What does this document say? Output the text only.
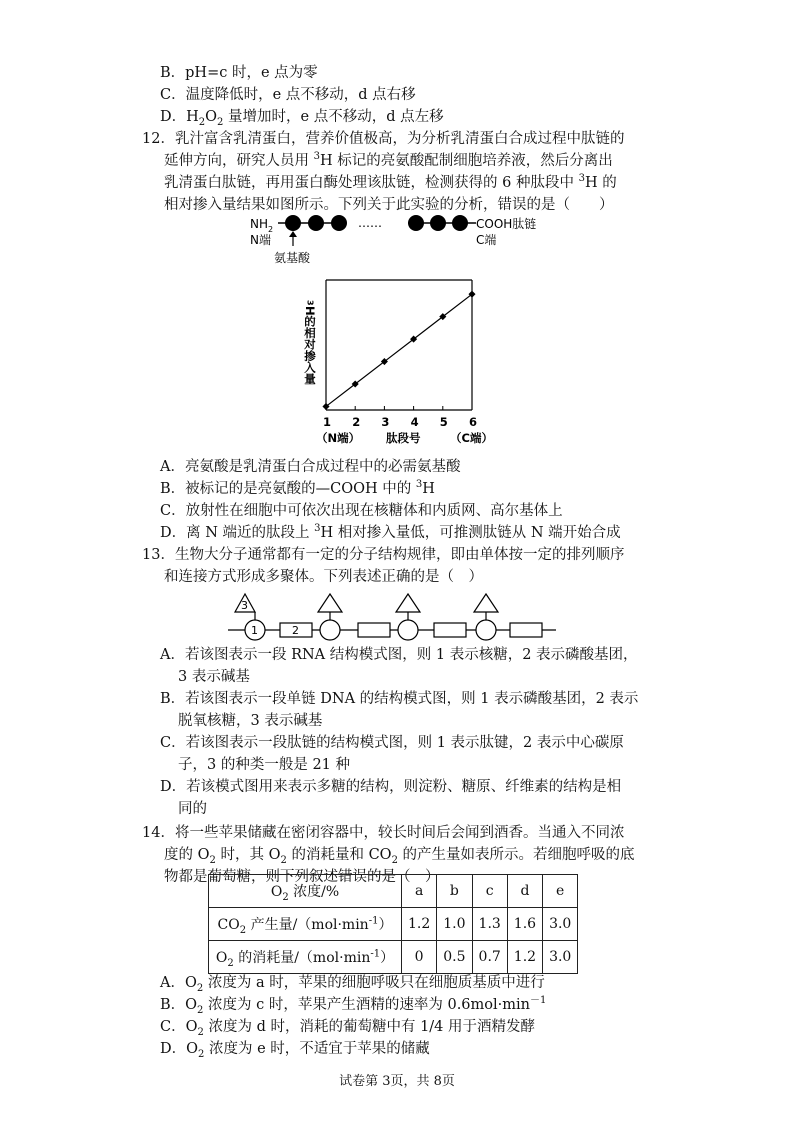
B．pH=c 时，e 点为零
C．温度降低时，e 点不移动，d 点右移
D．$H_2O_2$ 量增加时，e 点不移动，d 点左移
12．乳汁富含乳清蛋白，营养价值极高，为分析乳清蛋白合成过程中肽链的
延伸方向，研究人员用 $^3$H 标记的亮氨酸配制细胞培养液，然后分离出
乳清蛋白肽链，再用蛋白酶处理该肽链，检测获得的 6 种肽段中 $^3$H 的
相对掺入量结果如图所示。下列关于此实验的分析，错误的是（　　）
$NH_2$	……	COOH肽链
N端	C端
氨基酸
3 H的相对掺入量
1 2 3 4 5 6
（N端） 肽段号	（C端）
A．亮氨酸是乳清蛋白合成过程中的必需氨基酸
B．被标记的是亮氨酸的—COOH 中的 $^3$H
C．放射性在细胞中可依次出现在核糖体和内质网、高尔基体上
D．离 N 端近的肽段上 $^3$H 相对掺入量低，可推测肽链从 N 端开始合成
13．生物大分子通常都有一定的分子结构规律，即由单体按一定的排列顺序
和连接方式形成多聚体。下列表述正确的是（　）
3
1	2
A．若该图表示一段 RNA 结构模式图，则 1 表示核糖，2 表示磷酸基团，
3 表示碱基
B．若该图表示一段单链 DNA 的结构模式图，则 1 表示磷酸基团，2 表示
脱氧核糖，3 表示碱基
C．若该图表示一段肽链的结构模式图，则 1 表示肽键，2 表示中心碳原
子，3 的种类一般是 21 种
D．若该模式图用来表示多糖的结构，则淀粉、糖原、纤维素的结构是相
同的
14．将一些苹果储藏在密闭容器中，较长时间后会闻到酒香。当通入不同浓
度的 $O_2$ 时，其 $O_2$ 的消耗量和 $CO_2$ 的产生量如表所示。若细胞呼吸的底
物都是葡萄糖，则下列叙述错误的是（　）
$O_2$ 浓度/%	a	b	c	d	e
$CO_2$ 产生量$/(mol\cdot\min^{-1})$	1.2	1.0	1.3	1.6	3.0
$O_2$ 的消耗量$/(mol\cdot\min^{-1})$	0	0.5	0.7	1.2	3.0
A．$O_2$ 浓度为 a 时，苹果的细胞呼吸只在细胞质基质中进行
B．$O_2$ 浓度为 c 时，苹果产生酒精的速率为 $0.6mol\cdot\min^{-1}$
C．$O_2$ 浓度为 d 时，消耗的葡萄糖中有 1/4 用于酒精发酵
D．$O_2$ 浓度为 e 时，不适宜于苹果的储藏
试卷第 3页，共 8页
